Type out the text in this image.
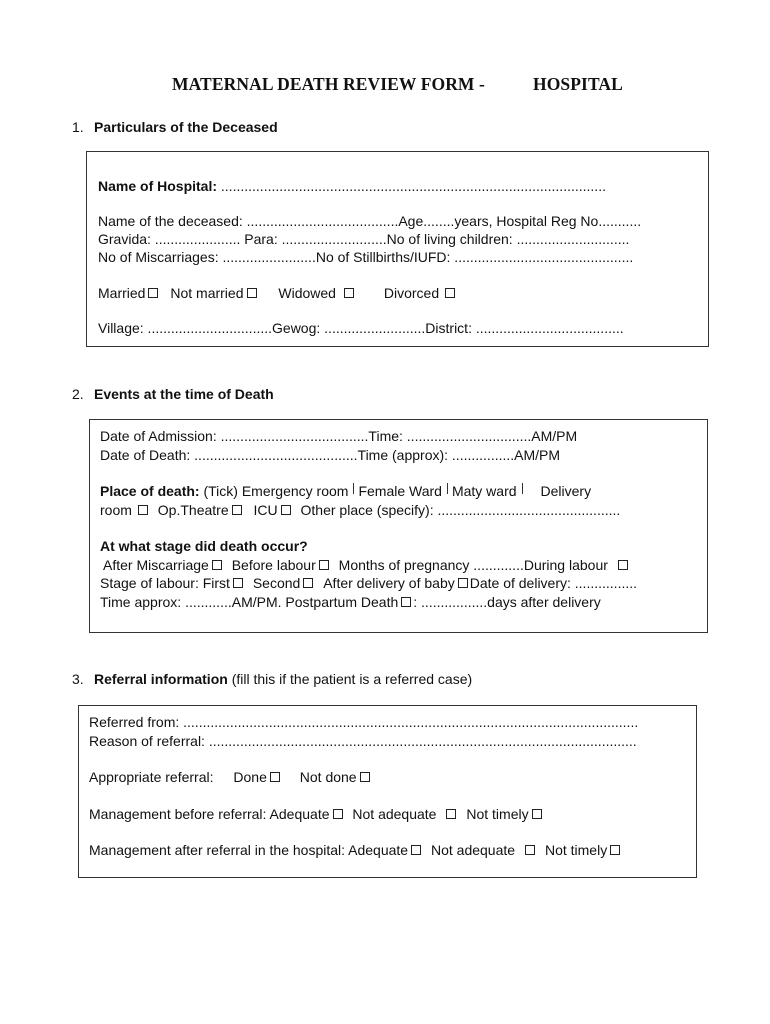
MATERNAL DEATH REVIEW FORM -	HOSPITAL
1. Particulars of the Deceased
Name of Hospital: ...................................................................................................
Name of the deceased: .......................................Age........years, Hospital Reg No...........
Gravida: ...................... Para: ...........................No of living children: .............................
No of Miscarriages: ........................No of Stillbirths/IUFD: ..............................................
Married Not married Widowed	Divorced
Village: ................................Gewog: ..........................District: ......................................
2. Events at the time of Death
Date of Admission: ......................................Time: ................................AM/PM
Date of Death: ..........................................Time (approx): ................AM/PM
Place of death: (Tick) Emergency room Female Ward Maty ward Delivery
room Op.Theatre ICU Other place (specify): ...............................................
At what stage did death occur?
After Miscarriage Before labour Months of pregnancy .............During labour
Stage of labour: First Second After delivery of baby Date of delivery: ................
Time approx: ............AM/PM. Postpartum Death : .................days after delivery
3. Referral information (fill this if the patient is a referred case)
Referred from: .....................................................................................................................
Reason of referral: ..............................................................................................................
Appropriate referral: Done Not done
Management before referral: Adequate Not adequate Not timely
Management after referral in the hospital: Adequate Not adequate Not timely
